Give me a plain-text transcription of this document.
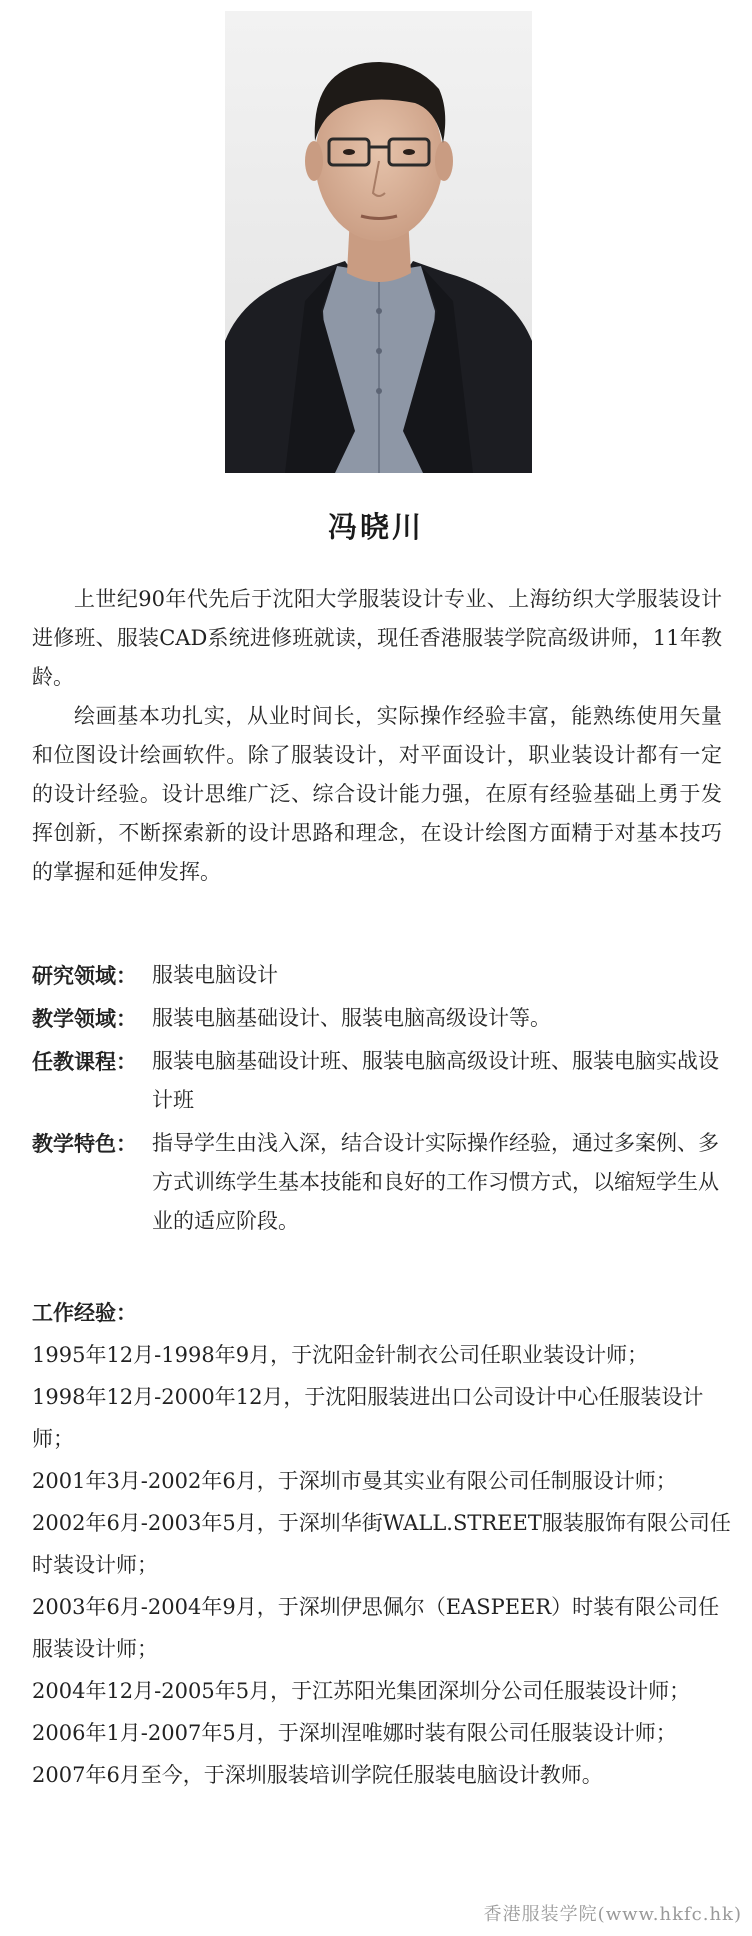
冯晓川

上世纪90年代先后于沈阳大学服装设计专业、上海纺织大学服装设计进修班、服装CAD系统进修班就读，现任香港服装学院高级讲师，11年教龄。

绘画基本功扎实，从业时间长，实际操作经验丰富，能熟练使用矢量和位图设计绘画软件。除了服装设计，对平面设计，职业装设计都有一定的设计经验。设计思维广泛、综合设计能力强，在原有经验基础上勇于发挥创新，不断探索新的设计思路和理念，在设计绘图方面精于对基本技巧的掌握和延伸发挥。

研究领域： 服装电脑设计
教学领域： 服装电脑基础设计、服装电脑高级设计等。
任教课程： 服装电脑基础设计班、服装电脑高级设计班、服装电脑实战设计班
教学特色： 指导学生由浅入深，结合设计实际操作经验，通过多案例、多方式训练学生基本技能和良好的工作习惯方式，以缩短学生从业的适应阶段。
工作经验：

1995年12月-1998年9月，于沈阳金针制衣公司任职业装设计师；

1998年12月-2000年12月，于沈阳服装进出口公司设计中心任服装设计师；

2001年3月-2002年6月，于深圳市曼其实业有限公司任制服设计师；

2002年6月-2003年5月，于深圳华街WALL.STREET服装服饰有限公司任时装设计师；

2003年6月-2004年9月，于深圳伊思佩尔（EASPEER）时装有限公司任服装设计师；

2004年12月-2005年5月，于江苏阳光集团深圳分公司任服装设计师；

2006年1月-2007年5月，于深圳涅唯娜时装有限公司任服装设计师；

2007年6月至今，于深圳服装培训学院任服装电脑设计教师。

香港服装学院(www.hkfc.hk)
